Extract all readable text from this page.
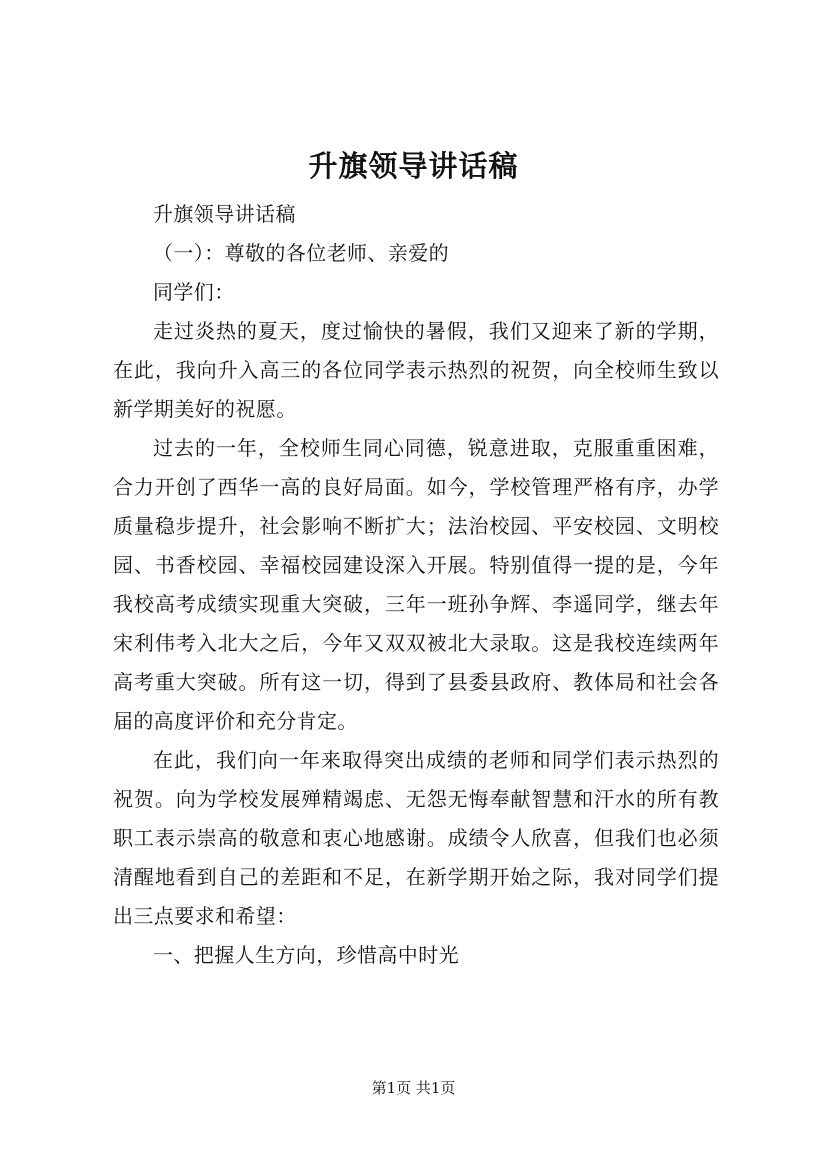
升旗领导讲话稿

升旗领导讲话稿

（一）：尊敬的各位老师、亲爱的

同学们：

走过炎热的夏天，度过愉快的暑假，我们又迎来了新的学期，在此，我向升入高三的各位同学表示热烈的祝贺，向全校师生致以新学期美好的祝愿。

过去的一年，全校师生同心同德，锐意进取，克服重重困难，合力开创了西华一高的良好局面。如今，学校管理严格有序，办学质量稳步提升，社会影响不断扩大；法治校园、平安校园、文明校园、书香校园、幸福校园建设深入开展。特别值得一提的是，今年我校高考成绩实现重大突破，三年一班孙争辉、李遥同学，继去年宋利伟考入北大之后，今年又双双被北大录取。这是我校连续两年高考重大突破。所有这一切，得到了县委县政府、教体局和社会各届的高度评价和充分肯定。

在此，我们向一年来取得突出成绩的老师和同学们表示热烈的祝贺。向为学校发展殚精竭虑、无怨无悔奉献智慧和汗水的所有教职工表示崇高的敬意和衷心地感谢。成绩令人欣喜，但我们也必须清醒地看到自己的差距和不足，在新学期开始之际，我对同学们提出三点要求和希望：

一、把握人生方向，珍惜高中时光

第1页 共1页
